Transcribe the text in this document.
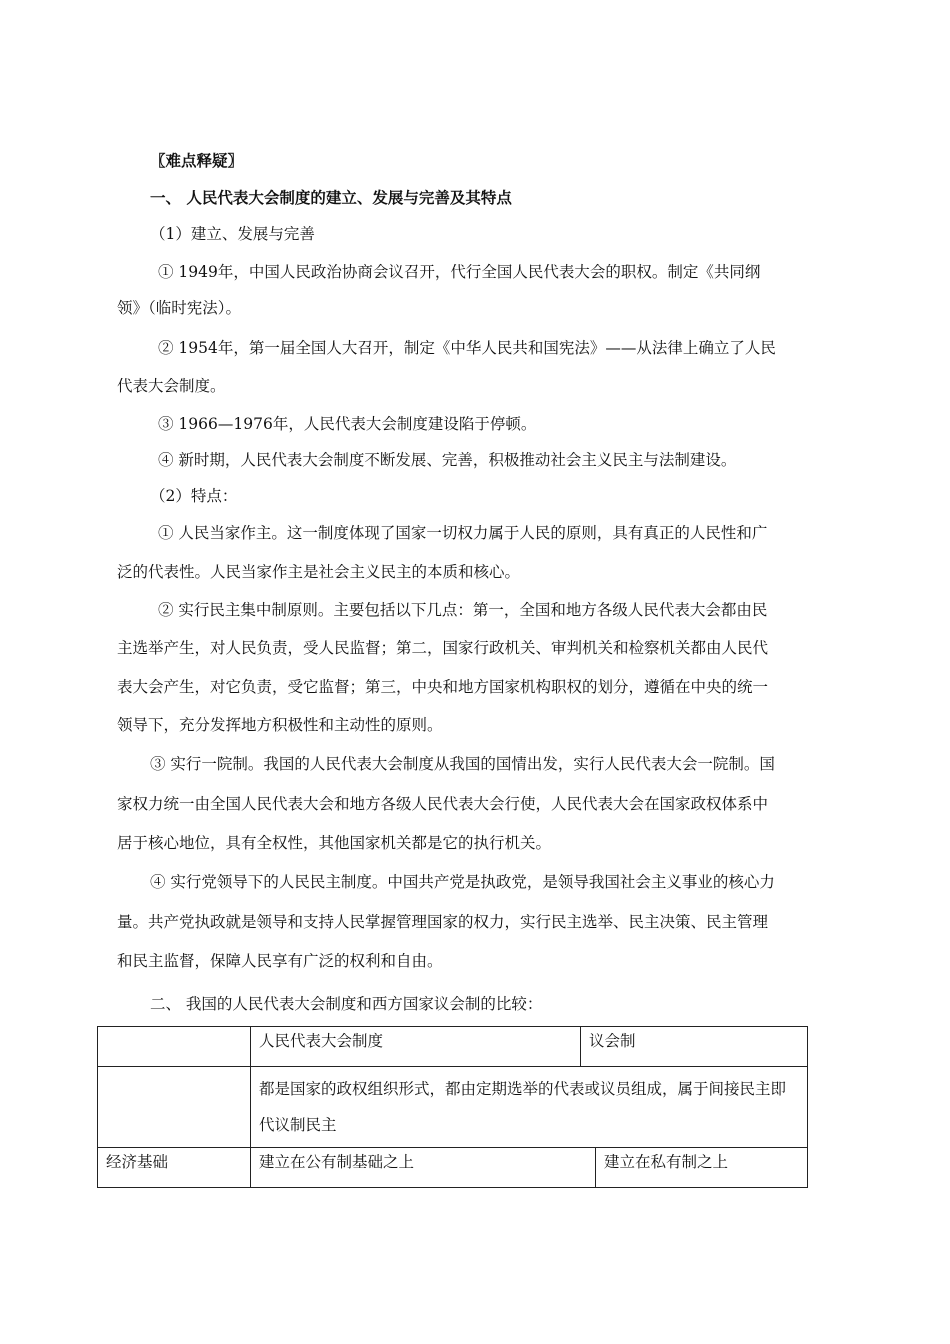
〖难点释疑〗
一、 人民代表大会制度的建立、发展与完善及其特点
（1）建立、发展与完善
① 1949年，中国人民政治协商会议召开，代行全国人民代表大会的职权。制定《共同纲
领》（临时宪法）。
② 1954年，第一届全国人大召开，制定《中华人民共和国宪法》——从法律上确立了人民
代表大会制度。
③ 1966—1976年，人民代表大会制度建设陷于停顿。
④ 新时期，人民代表大会制度不断发展、完善，积极推动社会主义民主与法制建设。
（2）特点：
① 人民当家作主。这一制度体现了国家一切权力属于人民的原则，具有真正的人民性和广
泛的代表性。人民当家作主是社会主义民主的本质和核心。
② 实行民主集中制原则。主要包括以下几点：第一，全国和地方各级人民代表大会都由民
主选举产生，对人民负责，受人民监督；第二，国家行政机关、审判机关和检察机关都由人民代
表大会产生，对它负责，受它监督；第三，中央和地方国家机构职权的划分，遵循在中央的统一
领导下，充分发挥地方积极性和主动性的原则。
③ 实行一院制。我国的人民代表大会制度从我国的国情出发，实行人民代表大会一院制。国
家权力统一由全国人民代表大会和地方各级人民代表大会行使，人民代表大会在国家政权体系中
居于核心地位，具有全权性，其他国家机关都是它的执行机关。
④ 实行党领导下的人民民主制度。中国共产党是执政党，是领导我国社会主义事业的核心力
量。共产党执政就是领导和支持人民掌握管理国家的权力，实行民主选举、民主决策、民主管理
和民主监督，保障人民享有广泛的权利和自由。
二、 我国的人民代表大会制度和西方国家议会制的比较：
	人民代表大会制度	议会制	
	都是国家的政权组织形式，都由定期选举的代表或议员组成，属于间接民主即代议制民主		
经济基础	建立在公有制基础之上		建立在私有制之上
